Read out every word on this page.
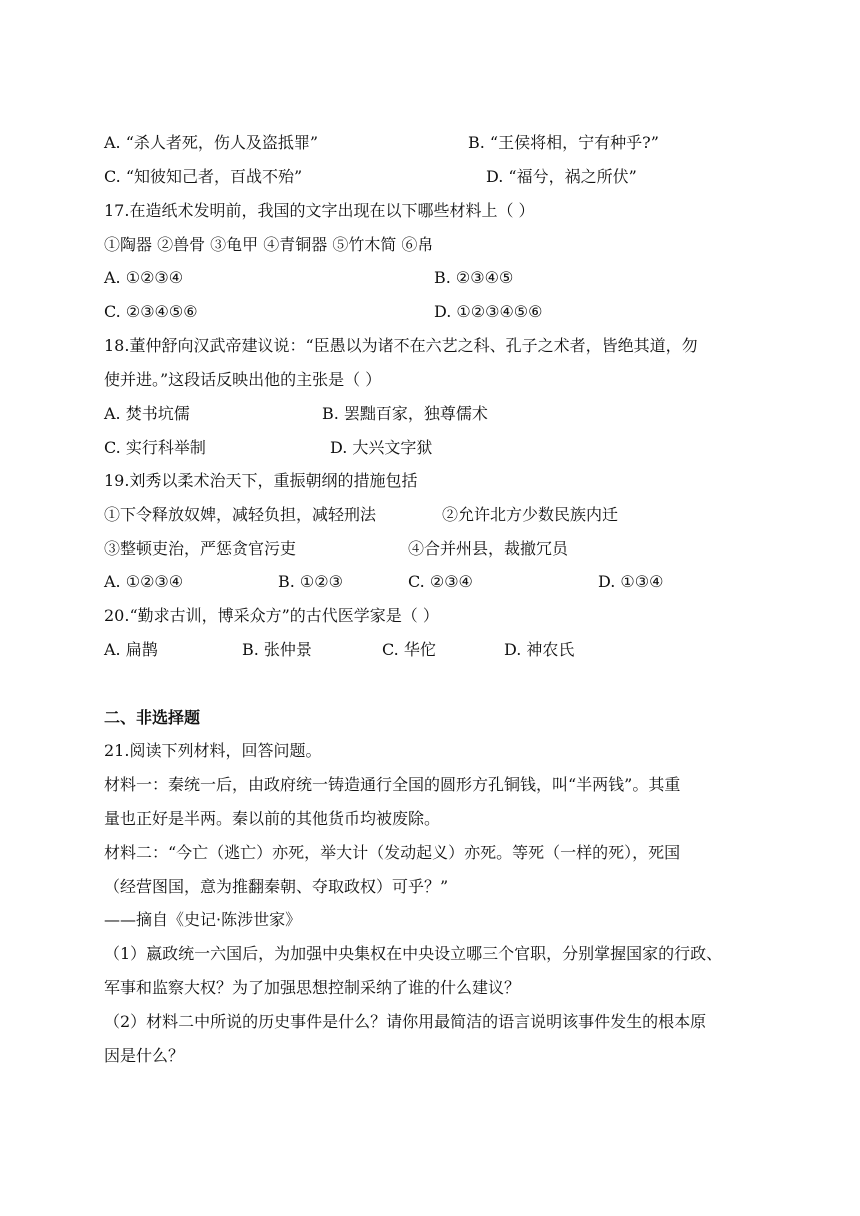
A. “杀人者死，伤人及盗抵罪”	B. “王侯将相，宁有种乎?”
C. “知彼知己者，百战不殆”	D. “福兮，祸之所伏”
17.在造纸术发明前，我国的文字出现在以下哪些材料上（ ）
①陶器 ②兽骨 ③龟甲 ④青铜器 ⑤竹木简 ⑥帛
A. ①②③④	B. ②③④⑤
C. ②③④⑤⑥	D. ①②③④⑤⑥
18.董仲舒向汉武帝建议说：“臣愚以为诸不在六艺之科、孔子之术者，皆绝其道，勿
使并进。”这段话反映出他的主张是（ ）
A. 焚书坑儒	B. 罢黜百家，独尊儒术
C. 实行科举制	D. 大兴文字狱
19.刘秀以柔术治天下，重振朝纲的措施包括
①下令释放奴婢，减轻负担，减轻刑法	②允许北方少数民族内迁
③整顿吏治，严惩贪官污吏	④合并州县，裁撤冗员
A. ①②③④	B. ①②③	C. ②③④	D. ①③④
20.“勤求古训，博采众方”的古代医学家是（ ）
A. 扁鹊	B. 张仲景	C. 华佗	D. 神农氏
二、非选择题
21.阅读下列材料，回答问题。
材料一：秦统一后，由政府统一铸造通行全国的圆形方孔铜钱，叫“半两钱”。其重
量也正好是半两。秦以前的其他货币均被废除。
材料二：“今亡（逃亡）亦死，举大计（发动起义）亦死。等死（一样的死），死国
（经营图国，意为推翻秦朝、夺取政权）可乎？”
——摘自《史记·陈涉世家》
（1）嬴政统一六国后，为加强中央集权在中央设立哪三个官职，分别掌握国家的行政、
军事和监察大权？为了加强思想控制采纳了谁的什么建议？
（2）材料二中所说的历史事件是什么？请你用最简洁的语言说明该事件发生的根本原
因是什么？
